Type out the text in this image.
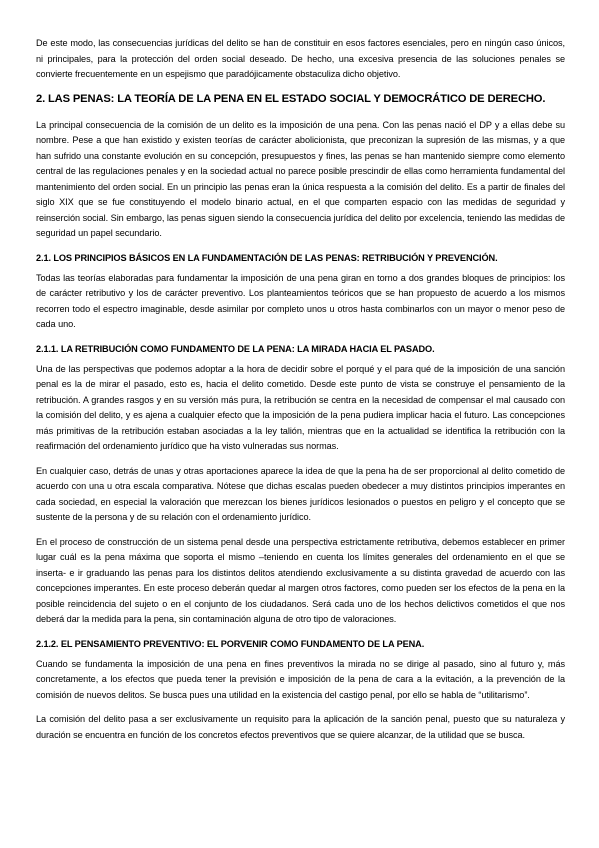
De este modo, las consecuencias jurídicas del delito se han de constituir en esos factores esenciales, pero en ningún caso únicos, ni principales, para la protección del orden social deseado. De hecho, una excesiva presencia de las soluciones penales se convierte frecuentemente en un espejismo que paradójicamente obstaculiza dicho objetivo.

2. LAS PENAS: LA TEORÍA DE LA PENA EN EL ESTADO SOCIAL Y DEMOCRÁTICO DE DERECHO.

La principal consecuencia de la comisión de un delito es la imposición de una pena. Con las penas nació el DP y a ellas debe su nombre. Pese a que han existido y existen teorías de carácter abolicionista, que preconizan la supresión de las mismas, y a que han sufrido una constante evolución en su concepción, presupuestos y fines, las penas se han mantenido siempre como elemento central de las regulaciones penales y en la sociedad actual no parece posible prescindir de ellas como herramienta fundamental del mantenimiento del orden social. En un principio las penas eran la única respuesta a la comisión del delito. Es a partir de finales del siglo XIX que se fue constituyendo el modelo binario actual, en el que comparten espacio con las medidas de seguridad y reinserción social. Sin embargo, las penas siguen siendo la consecuencia jurídica del delito por excelencia, teniendo las medidas de seguridad un papel secundario.

2.1. LOS PRINCIPIOS BÁSICOS EN LA FUNDAMENTACIÓN DE LAS PENAS: RETRIBUCIÓN Y PREVENCIÓN.

Todas las teorías elaboradas para fundamentar la imposición de una pena giran en torno a dos grandes bloques de principios: los de carácter retributivo y los de carácter preventivo. Los planteamientos teóricos que se han propuesto de acuerdo a los mismos recorren todo el espectro imaginable, desde asimilar por completo unos u otros hasta combinarlos con un mayor o menor peso de cada uno.

2.1.1. LA RETRIBUCIÓN COMO FUNDAMENTO DE LA PENA: LA MIRADA HACIA EL PASADO.

Una de las perspectivas que podemos adoptar a la hora de decidir sobre el porqué y el para qué de la imposición de una sanción penal es la de mirar el pasado, esto es, hacia el delito cometido. Desde este punto de vista se construye el pensamiento de la retribución. A grandes rasgos y en su versión más pura, la retribución se centra en la necesidad de compensar el mal causado con la comisión del delito, y es ajena a cualquier efecto que la imposición de la pena pudiera implicar hacia el futuro. Las concepciones más primitivas de la retribución estaban asociadas a la ley talión, mientras que en la actualidad se identifica la retribución con la reafirmación del ordenamiento jurídico que ha visto vulneradas sus normas.

En cualquier caso, detrás de unas y otras aportaciones aparece la idea de que la pena ha de ser proporcional al delito cometido de acuerdo con una u otra escala comparativa. Nótese que dichas escalas pueden obedecer a muy distintos principios imperantes en cada sociedad, en especial la valoración que merezcan los bienes jurídicos lesionados o puestos en peligro y el concepto que se sustente de la persona y de su relación con el ordenamiento jurídico.

En el proceso de construcción de un sistema penal desde una perspectiva estrictamente retributiva, debemos establecer en primer lugar cuál es la pena máxima que soporta el mismo –teniendo en cuenta los límites generales del ordenamiento en el que se inserta- e ir graduando las penas para los distintos delitos atendiendo exclusivamente a su distinta gravedad de acuerdo con las concepciones imperantes. En este proceso deberán quedar al margen otros factores, como pueden ser los efectos de la pena en la posible reincidencia del sujeto o en el conjunto de los ciudadanos. Será cada uno de los hechos delictivos cometidos el que nos deberá dar la medida para la pena, sin contaminación alguna de otro tipo de valoraciones.

2.1.2. EL PENSAMIENTO PREVENTIVO: EL PORVENIR COMO FUNDAMENTO DE LA PENA.

Cuando se fundamenta la imposición de una pena en fines preventivos la mirada no se dirige al pasado, sino al futuro y, más concretamente, a los efectos que pueda tener la previsión e imposición de la pena de cara a la evitación, a la prevención de la comisión de nuevos delitos. Se busca pues una utilidad en la existencia del castigo penal, por ello se habla de “utilitarismo”.

La comisión del delito pasa a ser exclusivamente un requisito para la aplicación de la sanción penal, puesto que su naturaleza y duración se encuentra en función de los concretos efectos preventivos que se quiere alcanzar, de la utilidad que se busca.
